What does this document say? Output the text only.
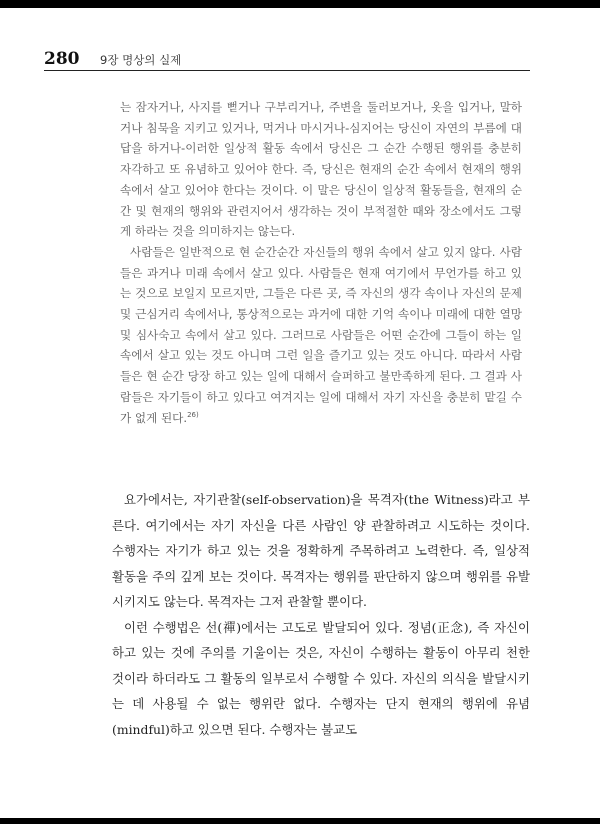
280 9장 명상의 실제

는 잠자거나, 사지를 뻗거나 구부리거나, 주변을 둘러보거나, 옷을 입거나, 말하거나 침묵을 지키고 있거나, 먹거나 마시거나-심지어는 당신이 자연의 부름에 대답을 하거나-이러한 일상적 활동 속에서 당신은 그 순간 수행된 행위를 충분히 자각하고 또 유념하고 있어야 한다. 즉, 당신은 현재의 순간 속에서 현재의 행위 속에서 살고 있어야 한다는 것이다. 이 말은 당신이 일상적 활동들을, 현재의 순간 및 현재의 행위와 관련지어서 생각하는 것이 부적절한 때와 장소에서도 그렇게 하라는 것을 의미하지는 않는다.

사람들은 일반적으로 현 순간순간 자신들의 행위 속에서 살고 있지 않다. 사람들은 과거나 미래 속에서 살고 있다. 사람들은 현재 여기에서 무언가를 하고 있는 것으로 보일지 모르지만, 그들은 다른 곳, 즉 자신의 생각 속이나 자신의 문제 및 근심거리 속에서나, 통상적으로는 과거에 대한 기억 속이나 미래에 대한 열망 및 심사숙고 속에서 살고 있다. 그러므로 사람들은 어떤 순간에 그들이 하는 일 속에서 살고 있는 것도 아니며 그런 일을 즐기고 있는 것도 아니다. 따라서 사람들은 현 순간 당장 하고 있는 일에 대해서 슬퍼하고 불만족하게 된다. 그 결과 사람들은 자기들이 하고 있다고 여겨지는 일에 대해서 자기 자신을 충분히 맡길 수가 없게 된다.$^{26)}$

요가에서는, 자기관찰(self-observation)을 목격자(the Witness)라고 부른다. 여기에서는 자기 자신을 다른 사람인 양 관찰하려고 시도하는 것이다. 수행자는 자기가 하고 있는 것을 정확하게 주목하려고 노력한다. 즉, 일상적 활동을 주의 깊게 보는 것이다. 목격자는 행위를 판단하지 않으며 행위를 유발시키지도 않는다. 목격자는 그저 관찰할 뿐이다.

이런 수행법은 선(禪)에서는 고도로 발달되어 있다. 정념(正念), 즉 자신이 하고 있는 것에 주의를 기울이는 것은, 자신이 수행하는 활동이 아무리 천한 것이라 하더라도 그 활동의 일부로서 수행할 수 있다. 자신의 의식을 발달시키는 데 사용될 수 없는 행위란 없다. 수행자는 단지 현재의 행위에 유념(mindful)하고 있으면 된다. 수행자는 불교도
